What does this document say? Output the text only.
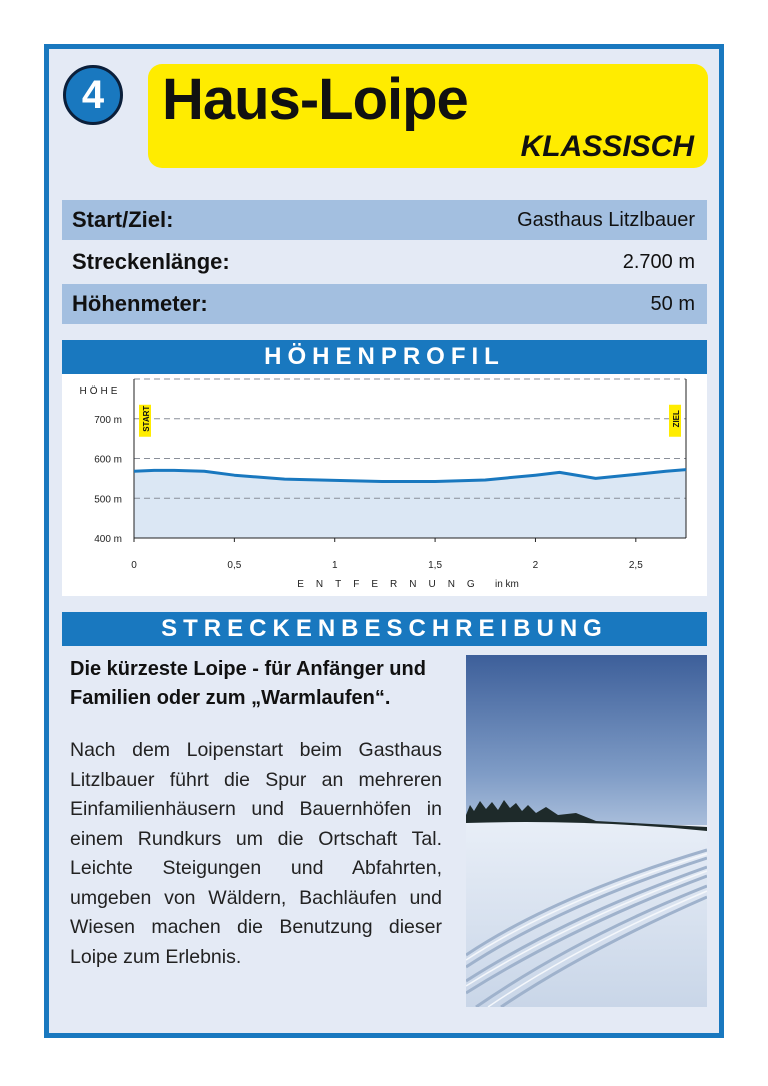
4 Haus-Loipe
KLASSISCH
Start/Ziel:	Gasthaus Litzlbauer
Streckenlänge:	2.700 m
Höhenmeter:	50 m
HÖHENPROFIL
700 m
600 m
500 m
400 m
0	0,5	1	1,5	2	2,5
START	ZIEL
HÖHE
ENTFERNUNG in km
STRECKENBESCHREIBUNG
Die kürzeste Loipe - für Anfänger und Familien oder zum „Warmlaufen“.
Nach dem Loipenstart beim Gasthaus Litzlbauer führt die Spur an mehreren Einfamilienhäusern und Bauernhöfen in einem Rundkurs um die Ortschaft Tal. Leichte Steigungen und Abfahrten, umgeben von Wäldern, Bachläufen und Wiesen machen die Benutzung dieser Loipe zum Erlebnis.
